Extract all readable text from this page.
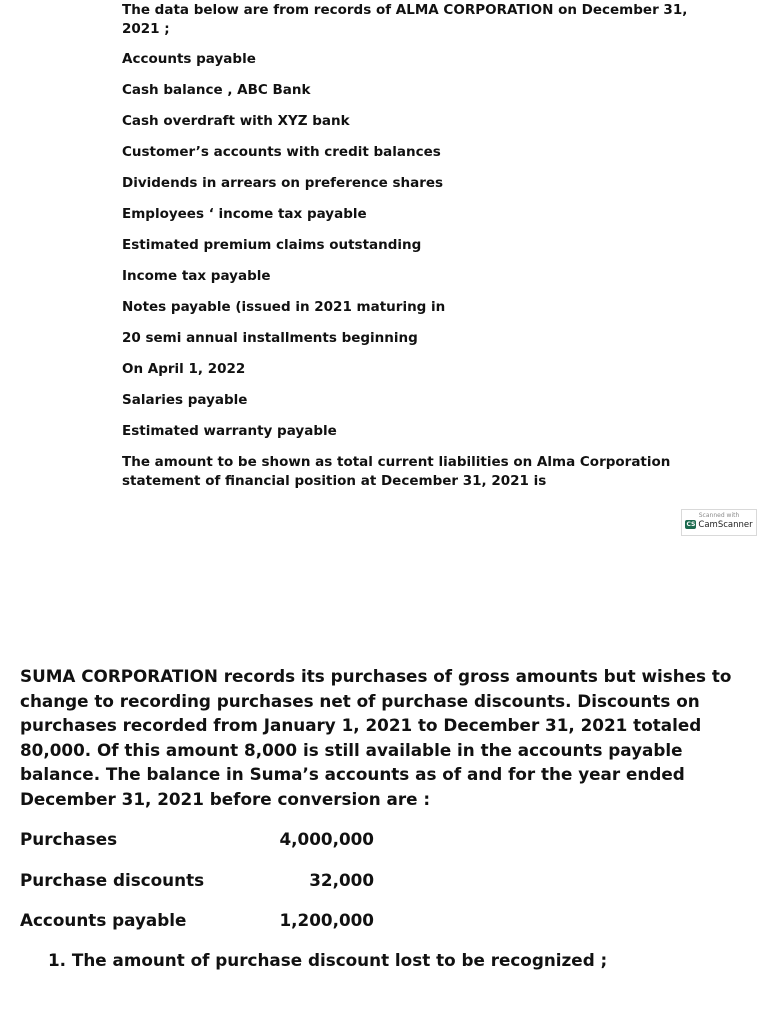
The data below are from records of ALMA CORPORATION on December 31, 2021 ;
Accounts payable
Cash balance , ABC Bank
Cash overdraft with XYZ bank
Customer’s accounts with credit balances
Dividends in arrears on preference shares
Employees ‘ income tax payable
Estimated premium claims outstanding
Income tax payable
Notes payable (issued in 2021 maturing in
20 semi annual installments beginning
On April 1, 2022
Salaries payable
Estimated warranty payable
The amount to be shown as total current liabilities on Alma Corporation statement of financial position at December 31, 2021 is
Scanned with
CS CamScanner
SUMA CORPORATION records its purchases of gross amounts but wishes to change to recording purchases net of purchase discounts. Discounts on purchases recorded from January 1, 2021 to December 31, 2021 totaled 80,000. Of this amount 8,000 is still available in the accounts payable balance. The balance in Suma’s accounts as of and for the year ended December 31, 2021 before conversion are :
Purchases	4,000,000
Purchase discounts	32,000
Accounts payable	1,200,000
1. The amount of purchase discount lost to be recognized ;
